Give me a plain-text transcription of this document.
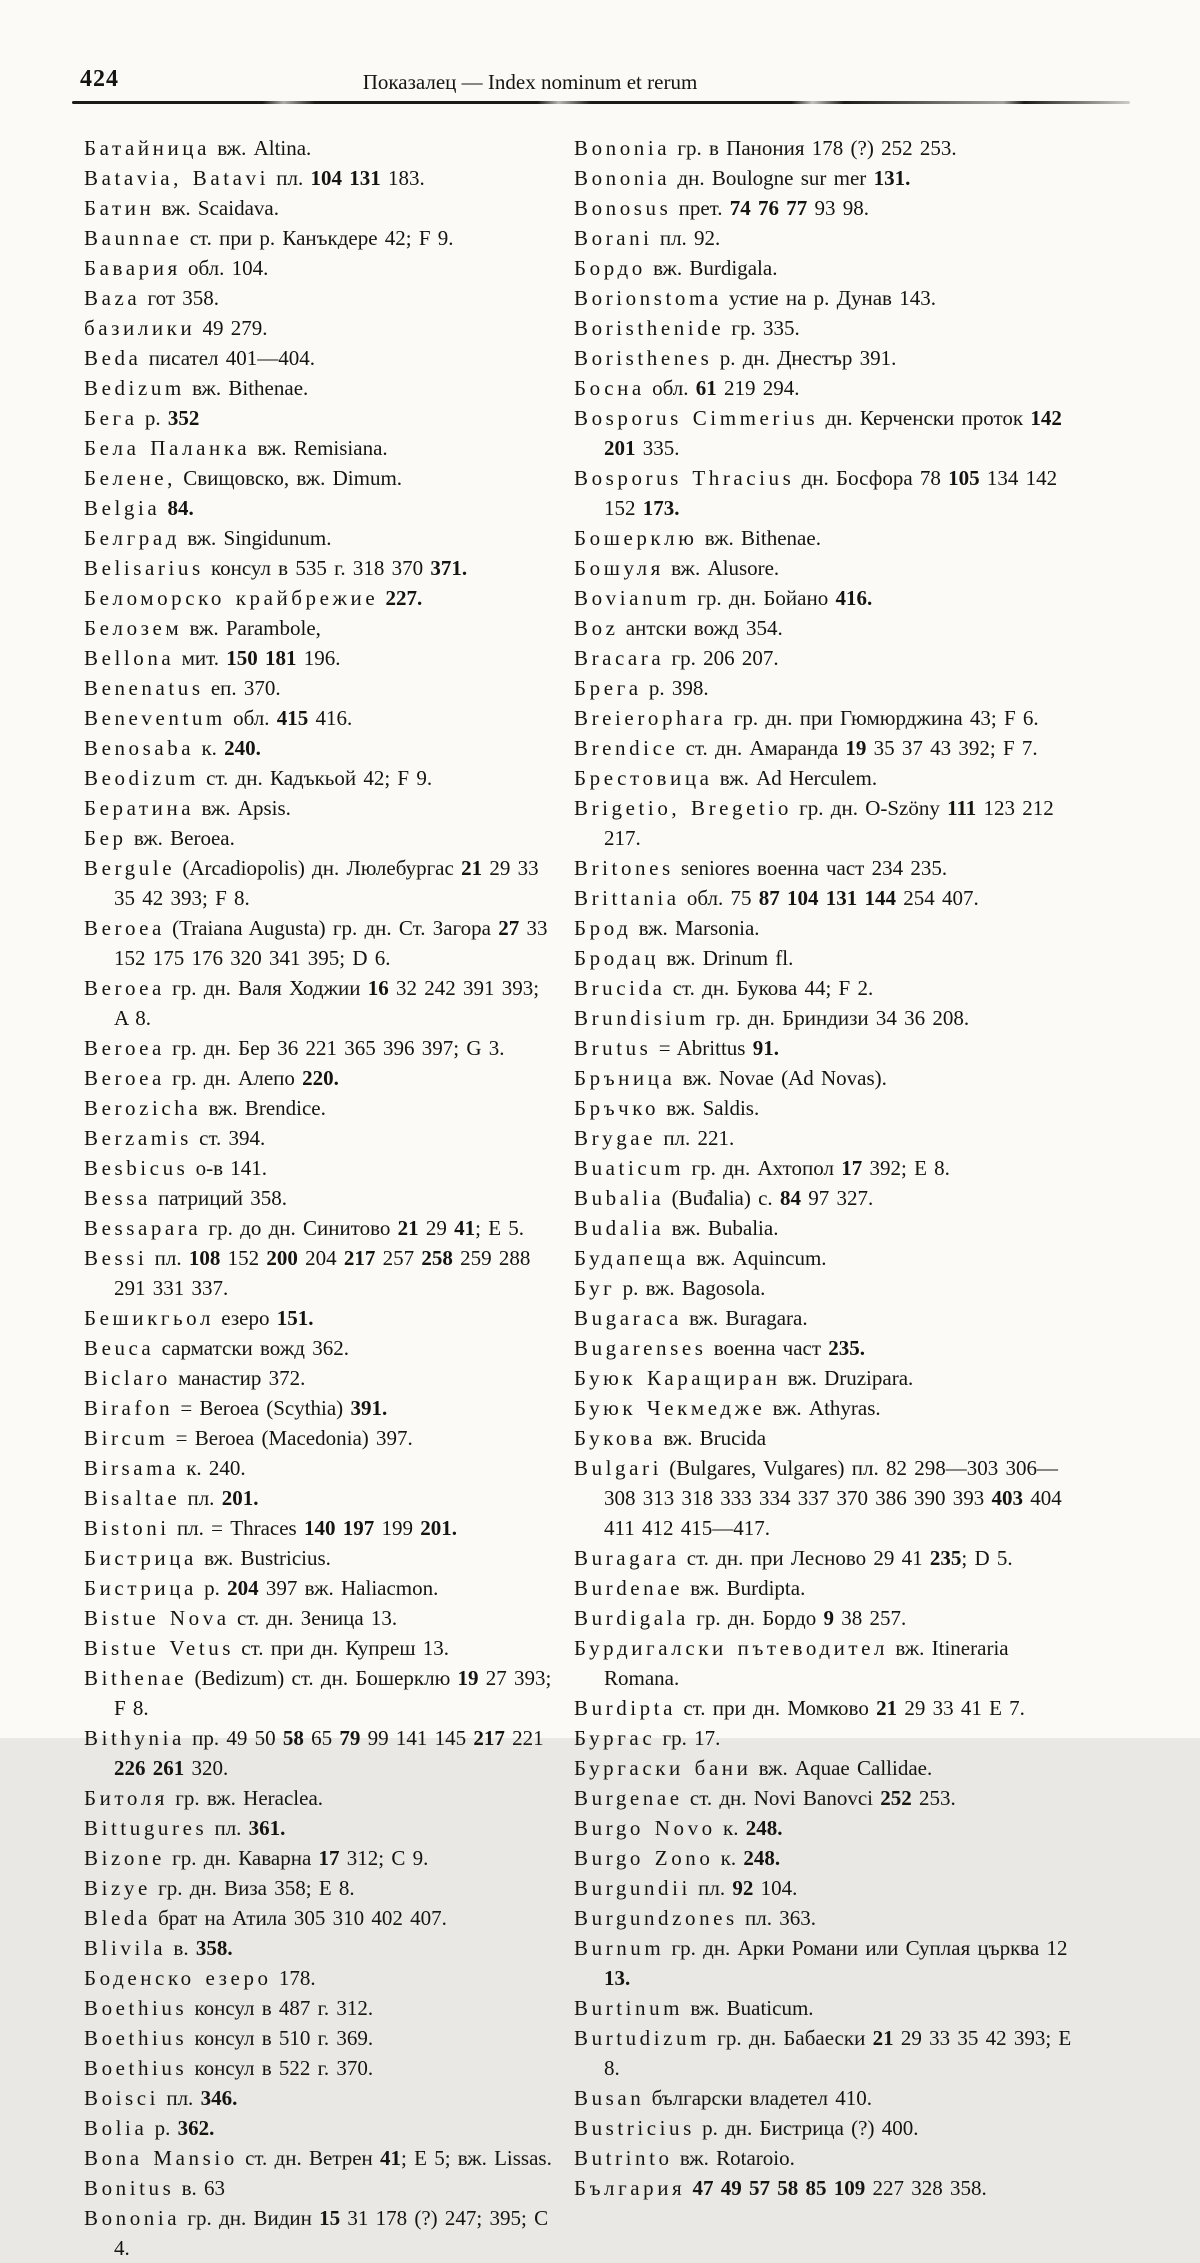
424	Показалец — Index nominum et rerum

Батайница вж. Altina.

Batavia, Batavi пл. 104 131 183.

Батин вж. Scaidava.

Baunnae ст. при р. Канъкдере 42; F 9.

Бавария обл. 104.

Baza гот 358.

базилики 49 279.

Beda писател 401—404.

Bedizum вж. Bithenae.

Бега р. 352

Бела Паланка вж. Remisiana.

Белене, Свищовско, вж. Dimum.

Belgia 84.

Белград вж. Singidunum.

Belisarius консул в 535 г. 318 370 371.

Беломорско крайбрежие 227.

Белозем вж. Parambole,

Bellona мит. 150 181 196.

Benenatus еп. 370.

Beneventum обл. 415 416.

Benosaba к. 240.

Beodizum ст. дн. Кадъкьой 42; F 9.

Бератина вж. Apsis.

Бер вж. Beroea.

Bergule (Arcadiopolis) дн. Люлебургас 21 29 33 35 42 393; F 8.

Beroea (Traiana Augusta) гр. дн. Ст. Загора 27 33 152 175 176 320 341 395; D 6.

Beroea гр. дн. Валя Ходжии 16 32 242 391 393; A 8.

Beroea гр. дн. Бер 36 221 365 396 397; G 3.

Beroea гр. дн. Алепо 220.

Berozicha вж. Brendice.

Berzamis ст. 394.

Besbicus о-в 141.

Bessa патриций 358.

Bessapara гр. до дн. Синитово 21 29 41; E 5.

Bessi пл. 108 152 200 204 217 257 258 259 288 291 331 337.

Бешикгьол езеро 151.

Beuca сарматски вожд 362.

Biclaro манастир 372.

Birafon = Beroea (Scythia) 391.

Bircum = Beroea (Macedonia) 397.

Birsama к. 240.

Bisaltae пл. 201.

Bistoni пл. = Thraces 140 197 199 201.

Бистрица вж. Bustricius.

Бистрица р. 204 397 вж. Haliacmon.

Bistue Nova ст. дн. Зеница 13.

Bistue Vetus ст. при дн. Купреш 13.

Bithenae (Bedizum) ст. дн. Бошерклю 19 27 393; F 8.

Bithynia пр. 49 50 58 65 79 99 141 145 217 221 226 261 320.

Битоля гр. вж. Heraclea.

Bittugures пл. 361.

Bizone гр. дн. Каварна 17 312; C 9.

Bizye гр. дн. Виза 358; E 8.

Bleda брат на Атила 305 310 402 407.

Blivila в. 358.

Боденско езеро 178.

Boethius консул в 487 г. 312.

Boethius консул в 510 г. 369.

Boethius консул в 522 г. 370.

Boisci пл. 346.

Bolia р. 362.

Bona Mansio ст. дн. Ветрен 41; E 5; вж. Lissas.

Bonitus в. 63

Bononia гр. дн. Видин 15 31 178 (?) 247; 395; C 4.

Bononia гр. в Панония 178 (?) 252 253.

Bononia дн. Boulogne sur mer 131.

Bonosus прет. 74 76 77 93 98.

Borani пл. 92.

Бордо вж. Burdigala.

Borionstoma устие на р. Дунав 143.

Boristhenide гр. 335.

Boristhenes р. дн. Днестър 391.

Босна обл. 61 219 294.

Bosporus Cimmerius дн. Керченски проток 142 201 335.

Bosporus Thracius дн. Босфора 78 105 134 142 152 173.

Бошерклю вж. Bithenae.

Бошуля вж. Alusore.

Bovianum гр. дн. Бойано 416.

Boz антски вожд 354.

Bracara гр. 206 207.

Брега р. 398.

Breierophara гр. дн. при Гюмюрджина 43; F 6.

Brendice ст. дн. Амаранда 19 35 37 43 392; F 7.

Брестовица вж. Ad Herculem.

Brigetio, Bregetio гр. дн. O-Szöny 111 123 212 217.

Britones seniores военна част 234 235.

Brittania обл. 75 87 104 131 144 254 407.

Брод вж. Marsonia.

Бродац вж. Drinum fl.

Brucida ст. дн. Букова 44; F 2.

Brundisium гр. дн. Бриндизи 34 36 208.

Brutus = Abrittus 91.

Бръница вж. Novae (Ad Novas).

Бръчко вж. Saldis.

Brygae пл. 221.

Buaticum гр. дн. Ахтопол 17 392; E 8.

Bubalia (Buđalia) с. 84 97 327.

Budalia вж. Bubalia.

Будапеща вж. Aquincum.

Буг р. вж. Bagosola.

Bugaraca вж. Buragara.

Bugarenses военна част 235.

Буюк Каращиран вж. Druzipara.

Буюк Чекмедже вж. Athyras.

Букова вж. Brucida

Bulgari (Bulgares, Vulgares) пл. 82 298—303 306—308 313 318 333 334 337 370 386 390 393 403 404 411 412 415—417.

Buragara ст. дн. при Лесново 29 41 235; D 5.

Burdenae вж. Burdipta.

Burdigala гр. дн. Бордо 9 38 257.

Бурдигалски пътеводител вж. Itineraria Romana.

Burdipta ст. при дн. Момково 21 29 33 41 E 7.

Бургас гр. 17.

Бургаски бани вж. Aquae Callidae.

Burgenae ст. дн. Novi Banovci 252 253.

Burgo Novo к. 248.

Burgo Zono к. 248.

Burgundii пл. 92 104.

Burgundzones пл. 363.

Burnum гр. дн. Арки Романи или Суплая църква 12 13.

Burtinum вж. Buaticum.

Burtudizum гр. дн. Бабаески 21 29 33 35 42 393; E 8.

Busan български владетел 410.

Bustricius р. дн. Бистрица (?) 400.

Butrinto вж. Rotaroio.

България 47 49 57 58 85 109 227 328 358.
